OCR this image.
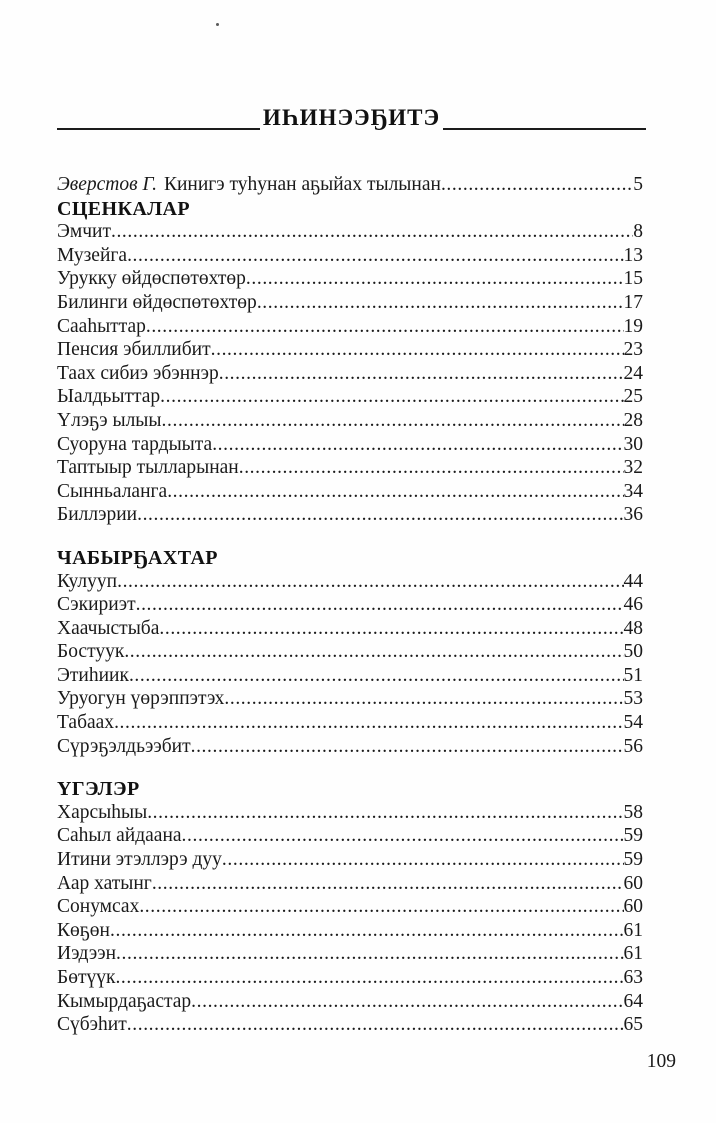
ИҺИНЭЭҔИТЭ
Эверстов Г. Кинигэ туһунан аҕыйах тылынан .....	5
СЦЕНКАЛАР
Эмчит .....	8
Музейга .....	13
Урукку өйдөспөтөхтөр .....	15
Билинги өйдөспөтөхтөр .....	17
Сааһыттар .....	19
Пенсия эбиллибит .....	23
Таах сибиэ эбэннэр .....	24
Ыалдьыттар .....	25
Үлэҕэ ылыы .....	28
Суоруна тардыыта .....	30
Таптыыр тылларынан .....	32
Сынньаланга .....	34
Биллэрии .....	36
ЧАБЫРҔАХТАР
Кулууп .....	44
Сэкириэт .....	46
Хаачыстыба .....	48
Бостуук .....	50
Этиһиик .....	51
Уруогун үөрэппэтэх .....	53
Табаах .....	54
Сүрэҕэлдьээбит .....	56
ҮГЭЛЭР
Харсыһыы .....	58
Саһыл айдаана .....	59
Итини этэллэрэ дуу .....	59
Аар хатынг .....	60
Сонумсах .....	60
Көҕөн .....	61
Иэдээн .....	61
Бөтүүк .....	63
Кымырдаҕастар .....	64
Сүбэһит .....	65
109
